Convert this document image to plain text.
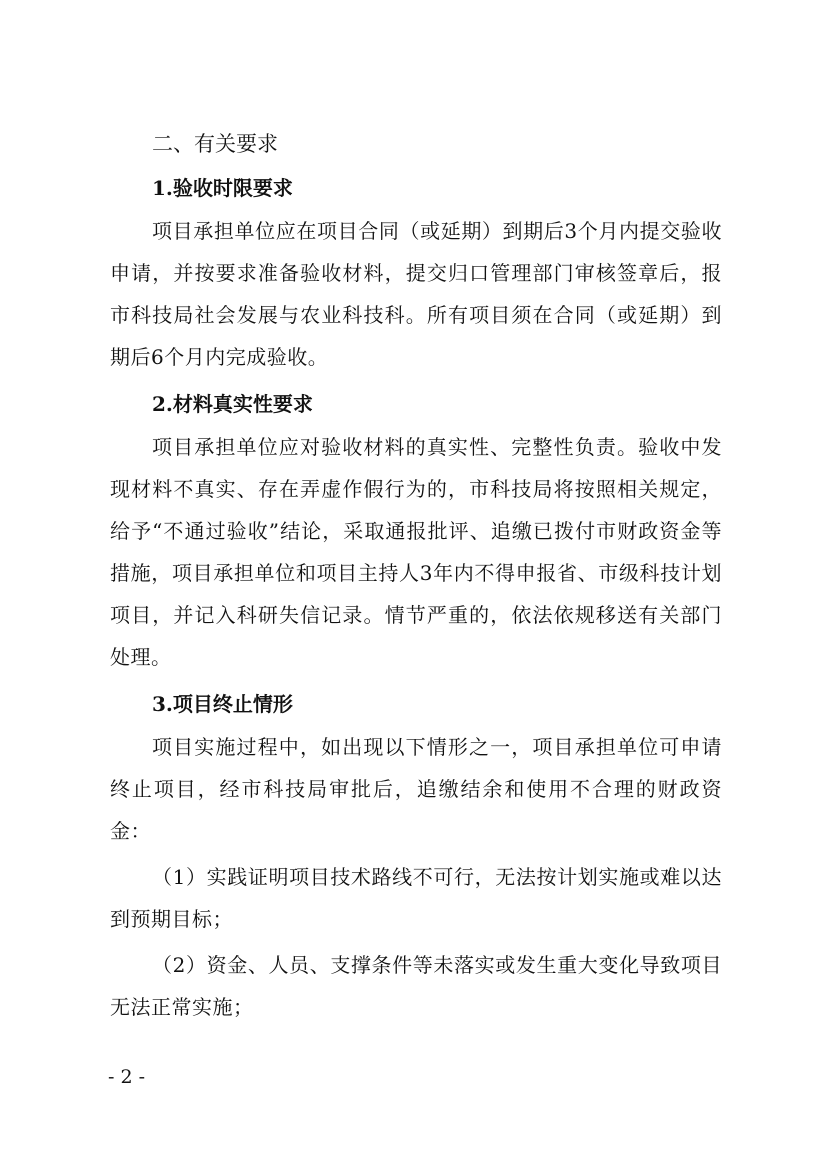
二、有关要求
1.验收时限要求

项目承担单位应在项目合同（或延期）到期后3个月内提交验收申请，并按要求准备验收材料，提交归口管理部门审核签章后，报市科技局社会发展与农业科技科。所有项目须在合同（或延期）到期后6个月内完成验收。

2.材料真实性要求

项目承担单位应对验收材料的真实性、完整性负责。验收中发现材料不真实、存在弄虚作假行为的，市科技局将按照相关规定，给予“不通过验收”结论，采取通报批评、追缴已拨付市财政资金等措施，项目承担单位和项目主持人3年内不得申报省、市级科技计划项目，并记入科研失信记录。情节严重的，依法依规移送有关部门处理。

3.项目终止情形

项目实施过程中，如出现以下情形之一，项目承担单位可申请终止项目，经市科技局审批后，追缴结余和使用不合理的财政资金：

（1）实践证明项目技术路线不可行，无法按计划实施或难以达到预期目标；

（2）资金、人员、支撑条件等未落实或发生重大变化导致项目无法正常实施；

- 2 -
